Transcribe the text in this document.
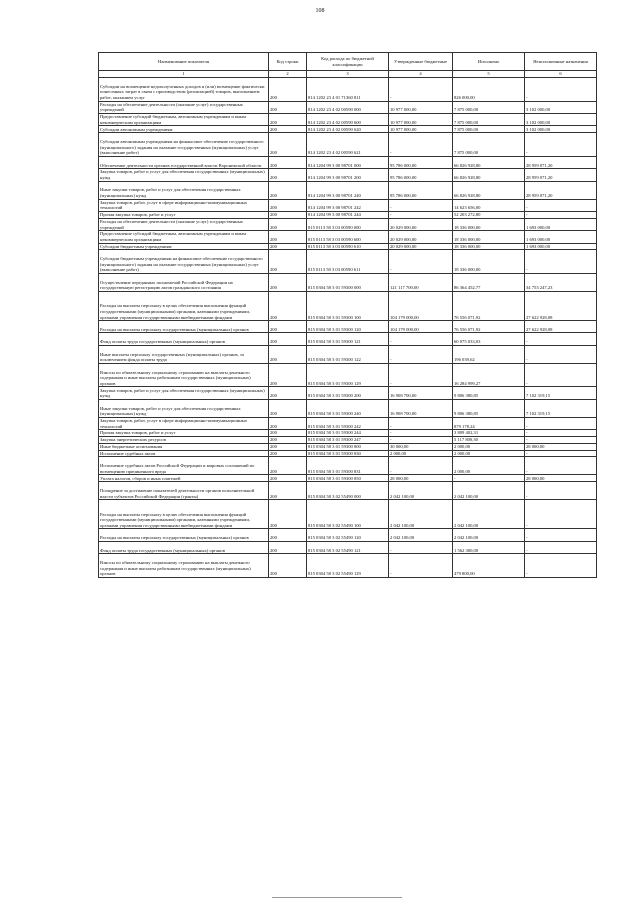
108
Наименование показателя	Код строки	Код расхода по бюджетной классификации	Утвержденные бюджетные	Исполнено	Неисполненные назначения
1	2	3	4	5	6
Субсидии на возмещение недополученных доходов и (или) возмещение фактически понесенных затрат в связи с производством (реализацией) товаров, выполнением работ, оказанием услуг	200	814 1202 23 4 01 71360 811	-	826 000,00	-
Расходы на обеспечение деятельности (оказание услуг) государственных учреждений	200	814 1202 23 4 02 00590 000	10 977 000,00	7 875 000,00	3 102 000,00
Предоставление субсидий бюджетным, автономным учреждениям и иным некоммерческим организациям	200	814 1202 23 4 02 00590 600	10 977 000,00	7 875 000,00	3 102 000,00
Субсидии автономным учреждениям	200	814 1202 23 4 02 00590 620	10 977 000,00	7 875 000,00	3 102 000,00
Субсидии автономным учреждениям на финансовое обеспечение государственного (муниципального) задания на оказание государственных (муниципальных) услуг (выполнение работ)	200	814 1202 23 4 02 00590 621	-	7 875 000,00	-
Обеспечение деятельности органов государственной власти Воронежской области	200	814 1204 99 3 00 98701 000	95 786 000,00	66 826 928,80	28 959 071,20
Закупка товаров, работ и услуг для обеспечения государственных (муниципальных) нужд	200	814 1204 99 3 00 98701 200	95 786 000,00	66 826 928,80	28 959 071,20
Иные закупки товаров, работ и услуг для обеспечения государственных (муниципальных) нужд	200	814 1204 99 3 00 98701 240	95 786 000,00	66 826 928,80	28 959 071,20
Закупка товаров, работ, услуг в сфере информационно-коммуникационных технологий	200	814 1204 99 3 00 98701 242	-	14 623 656,00	-
Прочая закупка товаров, работ и услуг	200	814 1204 99 3 00 98701 244	-	52 203 272,80	-
Расходы на обеспечение деятельности (оказание услуг) государственных учреждений	200	815 0113 58 3 03 00590 000	20 029 000,00	18 336 000,00	1 693 000,00
Предоставление субсидий бюджетным, автономным учреждениям и иным некоммерческим организациям	200	815 0113 58 3 03 00590 600	20 029 000,00	18 336 000,00	1 693 000,00
Субсидии бюджетным учреждениям	200	815 0113 58 3 03 00590 610	20 029 000,00	18 336 000,00	1 693 000,00
Субсидии бюджетным учреждениям на финансовое обеспечение государственного (муниципального) задания на оказание государственных (муниципальных) услуг (выполнение работ)	200	815 0113 58 3 03 00590 611	-	18 336 000,00	-
Осуществление переданных полномочий Российской Федерации на государственную регистрацию актов гражданского состояния	200	815 0304 58 3 01 59300 000	121 117 700,00	86 364 452,77	34 753 247,23
Расходы на выплаты персоналу в целях обеспечения выполнения функций государственными (муниципальными) органами, казенными учреждениями, органами управления государственными внебюджетными фондами	200	815 0304 58 3 01 59300 100	104 179 000,00	76 556 071,92	27 622 928,08
Расходы на выплаты персоналу государственных (муниципальных) органов	200	815 0304 58 3 01 59300 120	104 179 000,00	76 556 071,92	27 622 928,08
Фонд оплаты труда государственных (муниципальных) органов	200	815 0304 58 3 01 59300 121	-	60 075 033,03	-
Иные выплаты персоналу государственных (муниципальных) органов, за исключением фонда оплаты труда	200	815 0304 58 3 01 59300 122	-	196 039,62	-
Взносы по обязательному социальному страхованию на выплаты денежного содержания и иные выплаты работникам государственных (муниципальных) органов	200	815 0304 58 3 01 59300 129	-	16 284 999,27	-
Закупка товаров, работ и услуг для обеспечения государственных (муниципальных) нужд	200	815 0304 58 3 01 59300 200	16 908 700,00	9 806 380,85	7 102 319,15
Иные закупки товаров, работ и услуг для обеспечения государственных (муниципальных) нужд	200	815 0304 58 3 01 59300 240	16 908 700,00	9 806 380,85	7 102 319,15
Закупка товаров, работ, услуг в сфере информационно-коммуникационных технологий	200	815 0304 58 3 01 59300 242	-	879 178,24	-
Прочая закупка товаров, работ и услуг	200	815 0304 58 3 01 59300 244	-	3 809 402,31	-
Закупка энергетических ресурсов	200	815 0304 58 3 01 59300 247	-	5 117 800,30	-
Иные бюджетные ассигнования	200	815 0304 58 3 01 59300 800	30 000,00	2 000,00	28 000,00
Исполнение судебных актов	200	815 0304 58 3 01 59300 830	2 000,00	2 000,00	-
Исполнение судебных актов Российской Федерации и мировых соглашений по возмещению причиненного вреда	200	815 0304 58 3 01 59300 831	-	2 000,00	-
Уплата налогов, сборов и иных платежей	200	815 0304 58 3 01 59300 850	28 000,00	-	28 000,00
Поощрение за достижение показателей деятельности органов исполнительной власти субъектов Российской Федерации (гранты)	200	815 0304 58 3 02 55490 000	2 042 100,00	2 042 100,00	-
Расходы на выплаты персоналу в целях обеспечения выполнения функций государственными (муниципальными) органами, казенными учреждениями, органами управления государственными внебюджетными фондами	200	815 0304 58 3 02 55490 100	2 042 100,00	2 042 100,00	-
Расходы на выплаты персоналу государственных (муниципальных) органов	200	815 0304 58 3 02 55490 120	2 042 100,00	2 042 100,00	-
Фонд оплаты труда государственных (муниципальных) органов	200	815 0304 58 3 02 55490 121	-	1 562 300,00	-
Взносы по обязательному социальному страхованию на выплаты денежного содержания и иные выплаты работникам государственных (муниципальных) органов	200	815 0304 58 3 02 55490 129	-	479 800,00	-
